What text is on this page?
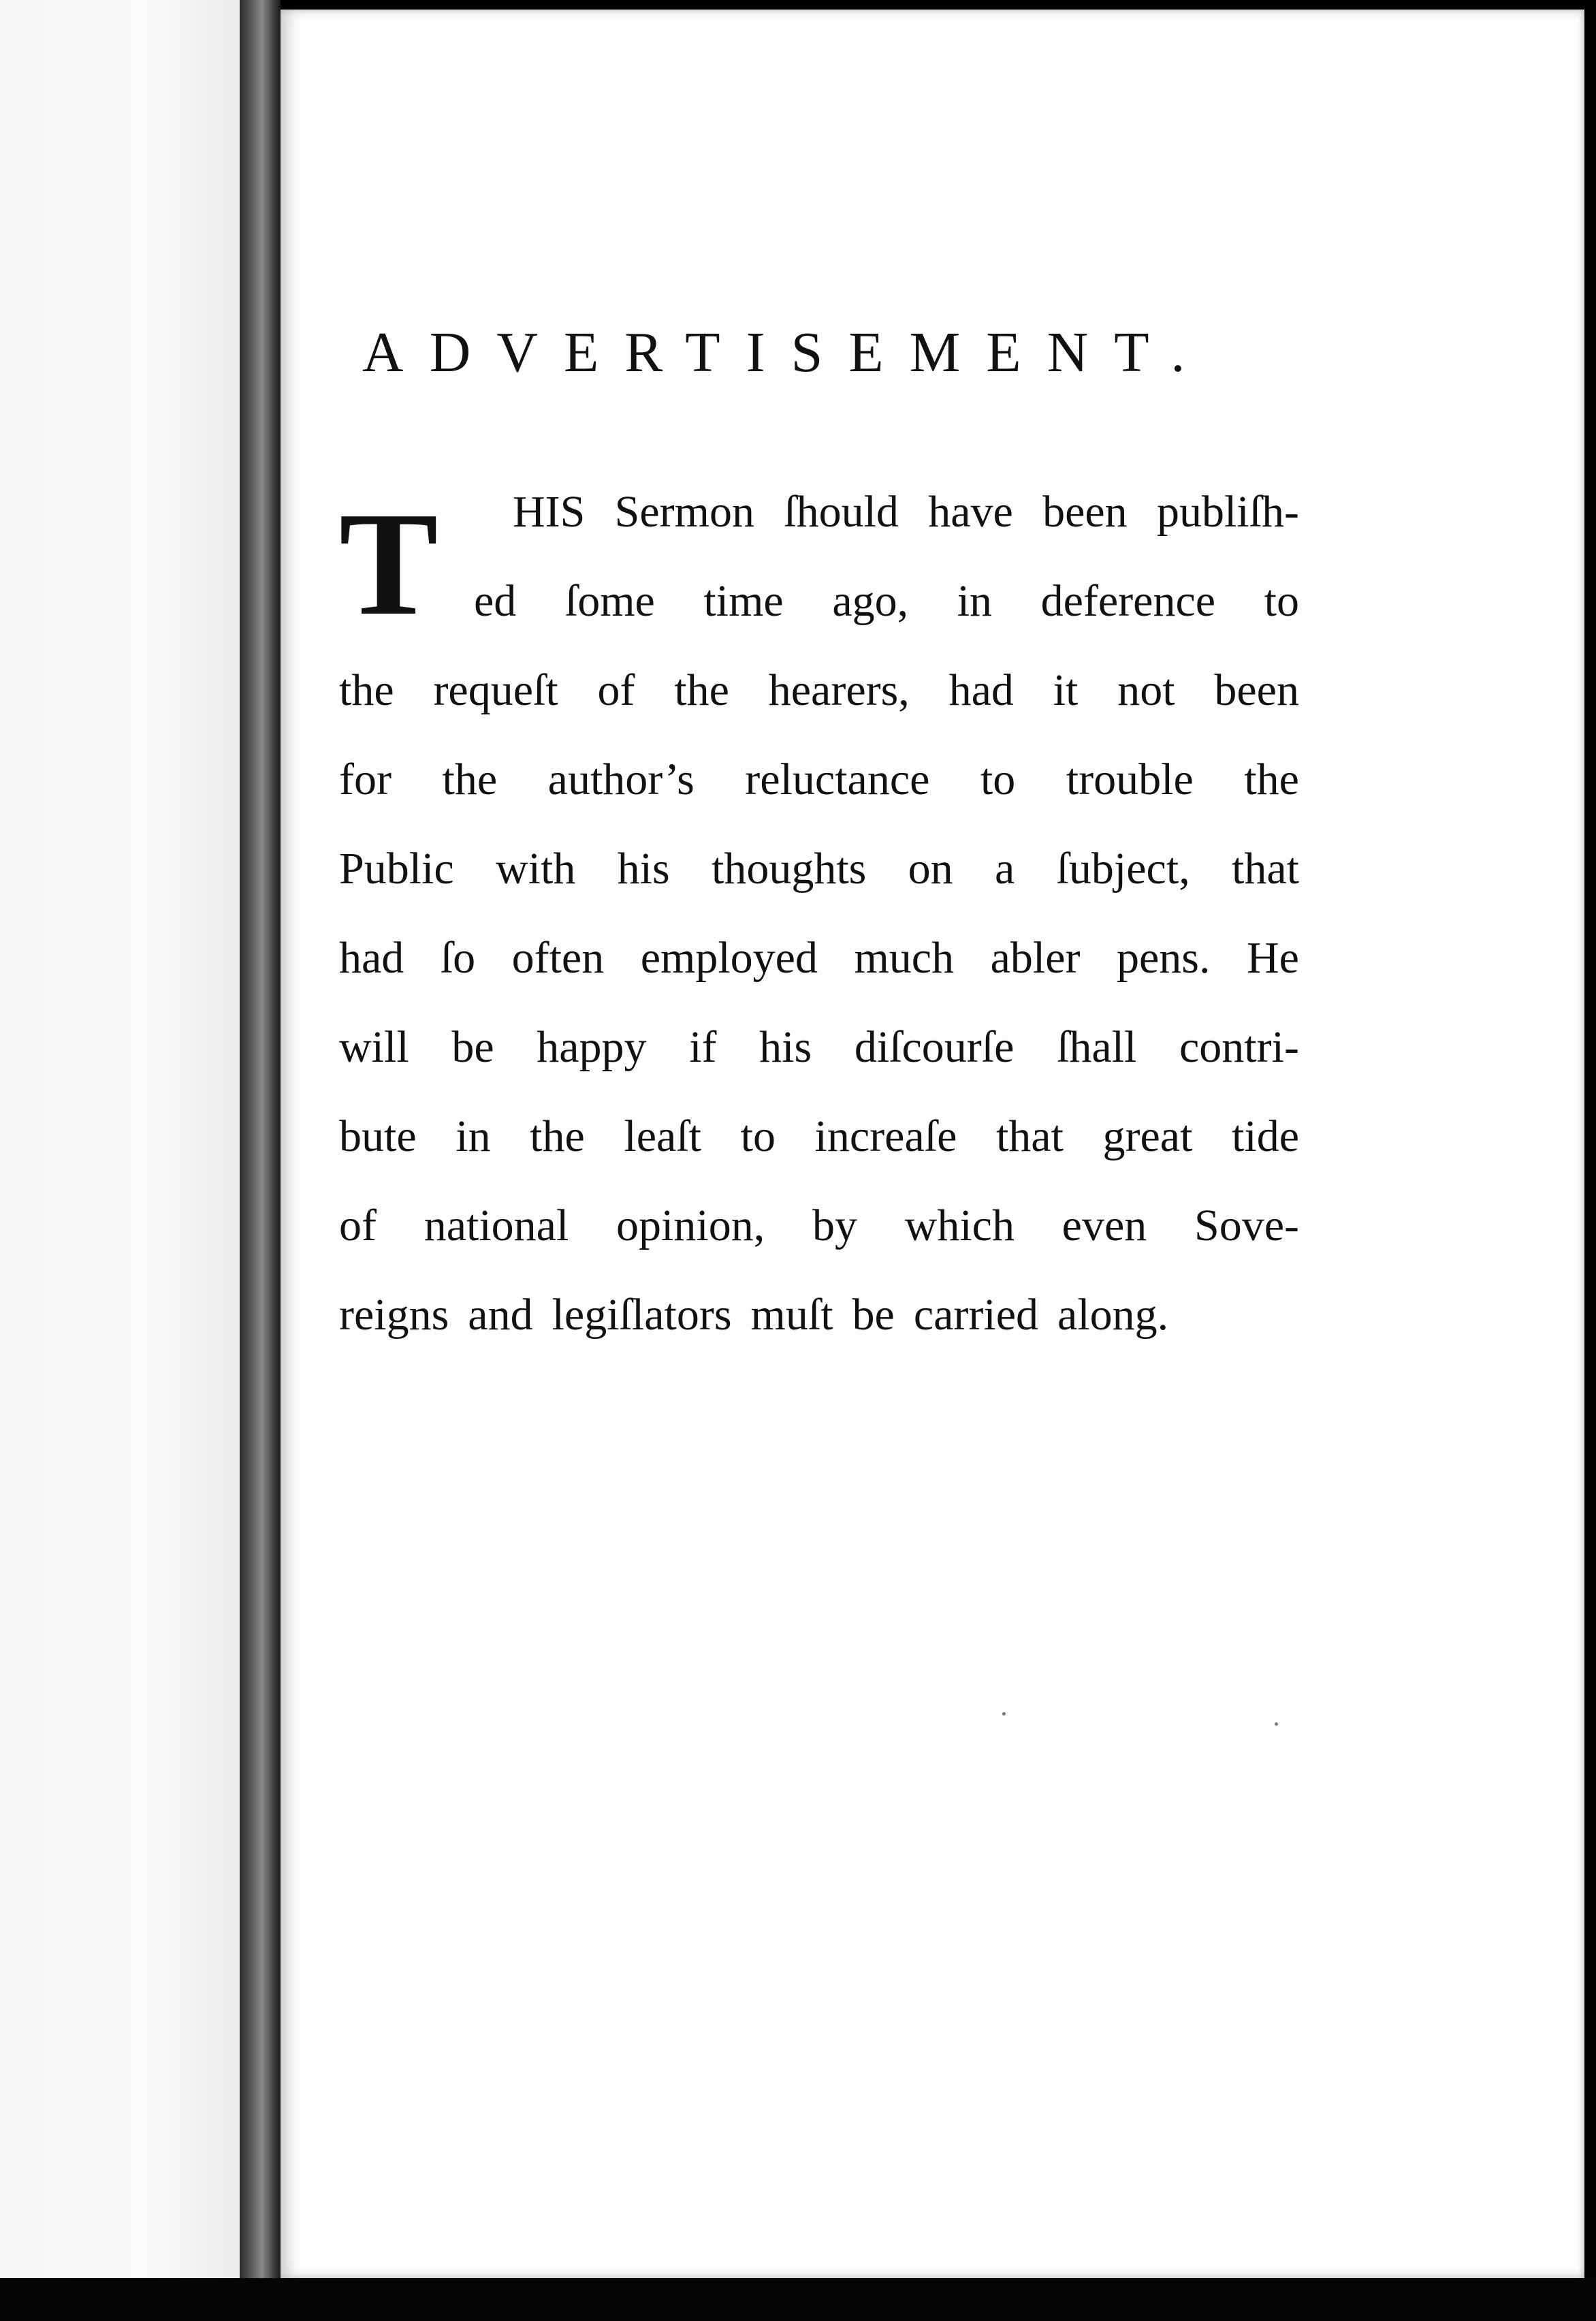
ADVERTISEMENT.
T HIS Sermon ſhould have been publiſh-
ed ſome time ago, in deference to
the requeſt of the hearers, had it not been
for the author’s reluctance to trouble the
Public with his thoughts on a ſubject, that
had ſo often employed much abler pens. He
will be happy if his diſcourſe ſhall contri-
bute in the leaſt to increaſe that great tide
of national opinion, by which even Sove-
reigns and legiſlators muſt be carried along.
